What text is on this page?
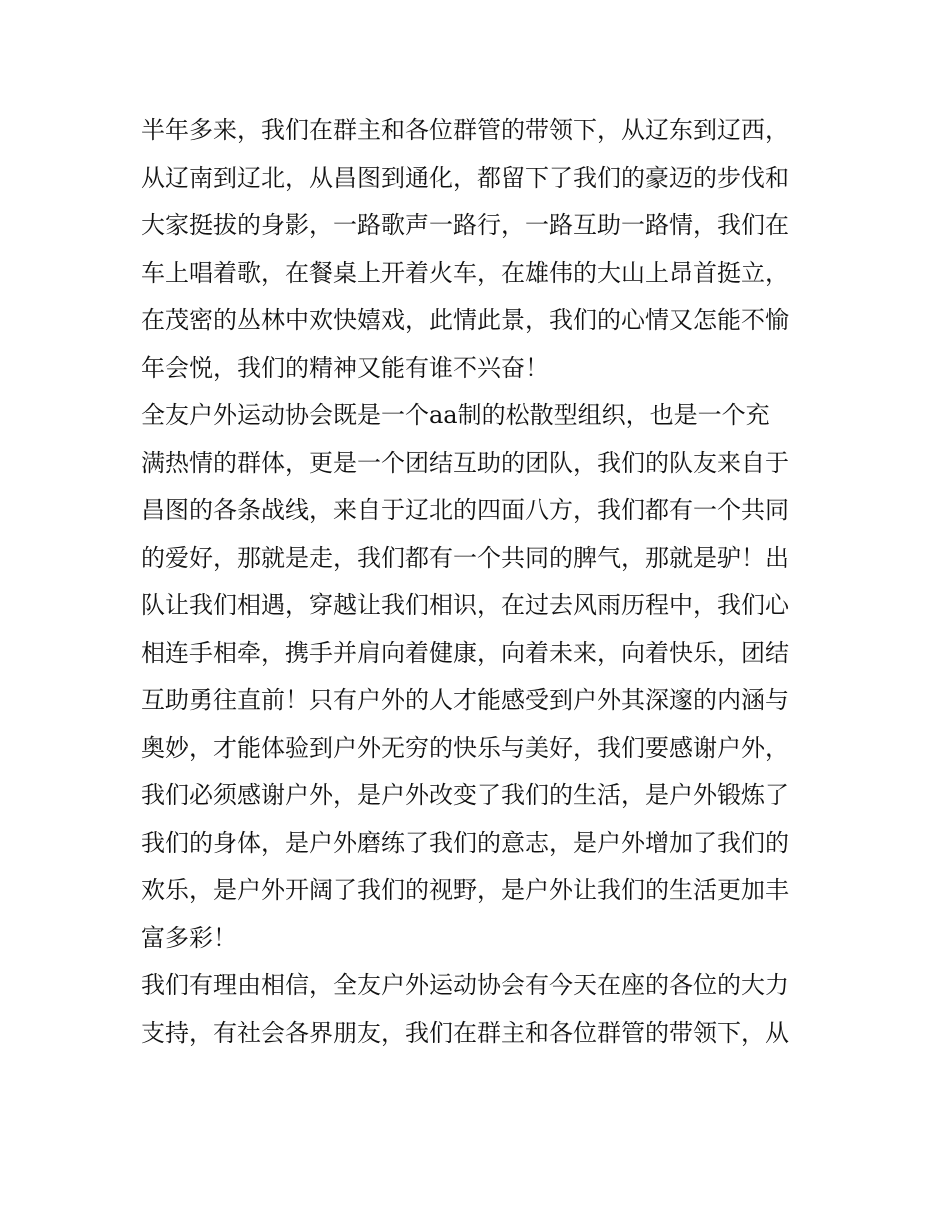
半年多来，我们在群主和各位群管的带领下，从辽东到辽西，
从辽南到辽北，从昌图到通化，都留下了我们的豪迈的步伐和
大家挺拔的身影，一路歌声一路行，一路互助一路情，我们在
车上唱着歌，在餐桌上开着火车，在雄伟的大山上昂首挺立，
在茂密的丛林中欢快嬉戏，此情此景，我们的心情又怎能不愉
年会悦，我们的精神又能有谁不兴奋！
全友户外运动协会既是一个aa制的松散型组织，也是一个充
满热情的群体，更是一个团结互助的团队，我们的队友来自于
昌图的各条战线，来自于辽北的四面八方，我们都有一个共同
的爱好，那就是走，我们都有一个共同的脾气，那就是驴！出
队让我们相遇，穿越让我们相识，在过去风雨历程中，我们心
相连手相牵，携手并肩向着健康，向着未来，向着快乐，团结
互助勇往直前！只有户外的人才能感受到户外其深邃的内涵与
奥妙，才能体验到户外无穷的快乐与美好，我们要感谢户外，
我们必须感谢户外，是户外改变了我们的生活，是户外锻炼了
我们的身体，是户外磨练了我们的意志，是户外增加了我们的
欢乐，是户外开阔了我们的视野，是户外让我们的生活更加丰
富多彩！
我们有理由相信，全友户外运动协会有今天在座的各位的大力
支持，有社会各界朋友，我们在群主和各位群管的带领下，从
